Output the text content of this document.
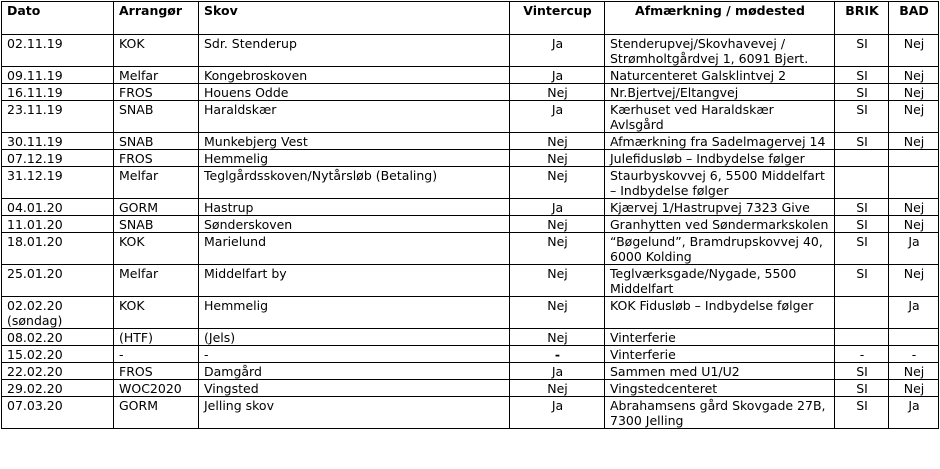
Dato	Arrangør	Skov	Vintercup	Afmærkning / mødested	BRIK	BAD
02.11.19	KOK	Sdr. Stenderup	Ja	Stenderupvej/Skovhavevej / Strømholtgårdvej 1, 6091 Bjert.	SI	Nej
09.11.19	Melfar	Kongebroskoven	Ja	Naturcenteret Galsklintvej 2	SI	Nej
16.11.19	FROS	Houens Odde	Nej	Nr.Bjertvej/Eltangvej	SI	Nej
23.11.19	SNAB	Haraldskær	Ja	Kærhuset ved Haraldskær Avlsgård	SI	Nej
30.11.19	SNAB	Munkebjerg Vest	Nej	Afmærkning fra Sadelmagervej 14	SI	Nej
07.12.19	FROS	Hemmelig	Nej	Julefidusløb – Indbydelse følger		
31.12.19	Melfar	Teglgårdsskoven/Nytårsløb (Betaling)	Nej	Staurbyskovvej 6, 5500 Middelfart – Indbydelse følger		
04.01.20	GORM	Hastrup	Ja	Kjærvej 1/Hastrupvej 7323 Give	SI	Nej
11.01.20	SNAB	Sønderskoven	Nej	Granhytten ved Søndermarkskolen	SI	Nej
18.01.20	KOK	Marielund	Nej	“Bøgelund”, Bramdrupskovvej 40, 6000 Kolding	SI	Ja
25.01.20	Melfar	Middelfart by	Nej	Teglværksgade/Nygade, 5500 Middelfart	SI	Nej
02.02.20 (søndag)	KOK	Hemmelig	Nej	KOK Fidusløb – Indbydelse følger		Ja
08.02.20	(HTF)	(Jels)	Nej	Vinterferie		
15.02.20	-	-	-	Vinterferie	-	-
22.02.20	FROS	Damgård	Ja	Sammen med U1/U2	SI	Nej
29.02.20	WOC2020	Vingsted	Nej	Vingstedcenteret	SI	Nej
07.03.20	GORM	Jelling skov	Ja	Abrahamsens gård Skovgade 27B, 7300 Jelling	SI	Ja
